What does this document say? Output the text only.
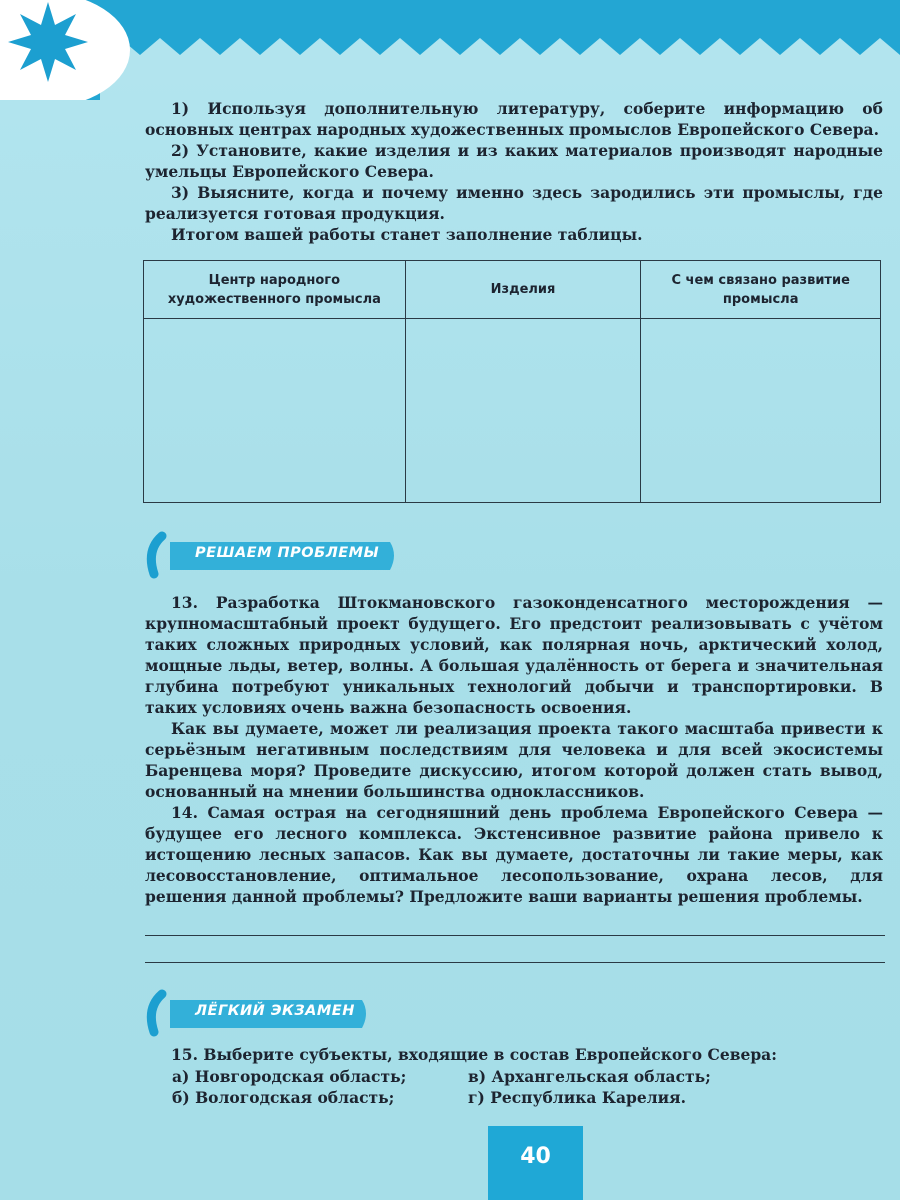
1) Используя дополнительную литературу, соберите информацию об основных центрах народных художественных промыслов Европейского Севера.

2) Установите, какие изделия и из каких материалов производят народные умельцы Европейского Севера.

3) Выясните, когда и почему именно здесь зародились эти промыслы, где реализуется готовая продукция.

Итогом вашей работы станет заполнение таблицы.

Центр народного художественного промысла	Изделия	С чем связано развитие промысла

РЕШАЕМ ПРОБЛЕМЫ

13. Разработка Штокмановского газоконденсатного месторождения — крупномасштабный проект будущего. Его предстоит реализовывать с учётом таких сложных природных условий, как полярная ночь, арктический холод, мощные льды, ветер, волны. А большая удалённость от берега и значительная глубина потребуют уникальных технологий добычи и транспортировки. В таких условиях очень важна безопасность освоения.

Как вы думаете, может ли реализация проекта такого масштаба привести к серьёзным негативным последствиям для человека и для всей экосистемы Баренцева моря? Проведите дискуссию, итогом которой должен стать вывод, основанный на мнении большинства одноклассников.

14. Самая острая на сегодняшний день проблема Европейского Севера — будущее его лесного комплекса. Экстенсивное развитие района привело к истощению лесных запасов. Как вы думаете, достаточны ли такие меры, как лесовосстановление, оптимальное лесопользование, охрана лесов, для решения данной проблемы? Предложите ваши варианты решения проблемы.

ЛЁГКИЙ ЭКЗАМЕН

15. Выберите субъекты, входящие в состав Европейского Севера:

а) Новгородская область;	в) Архангельская область;
б) Вологодская область;	г) Республика Карелия.
40
